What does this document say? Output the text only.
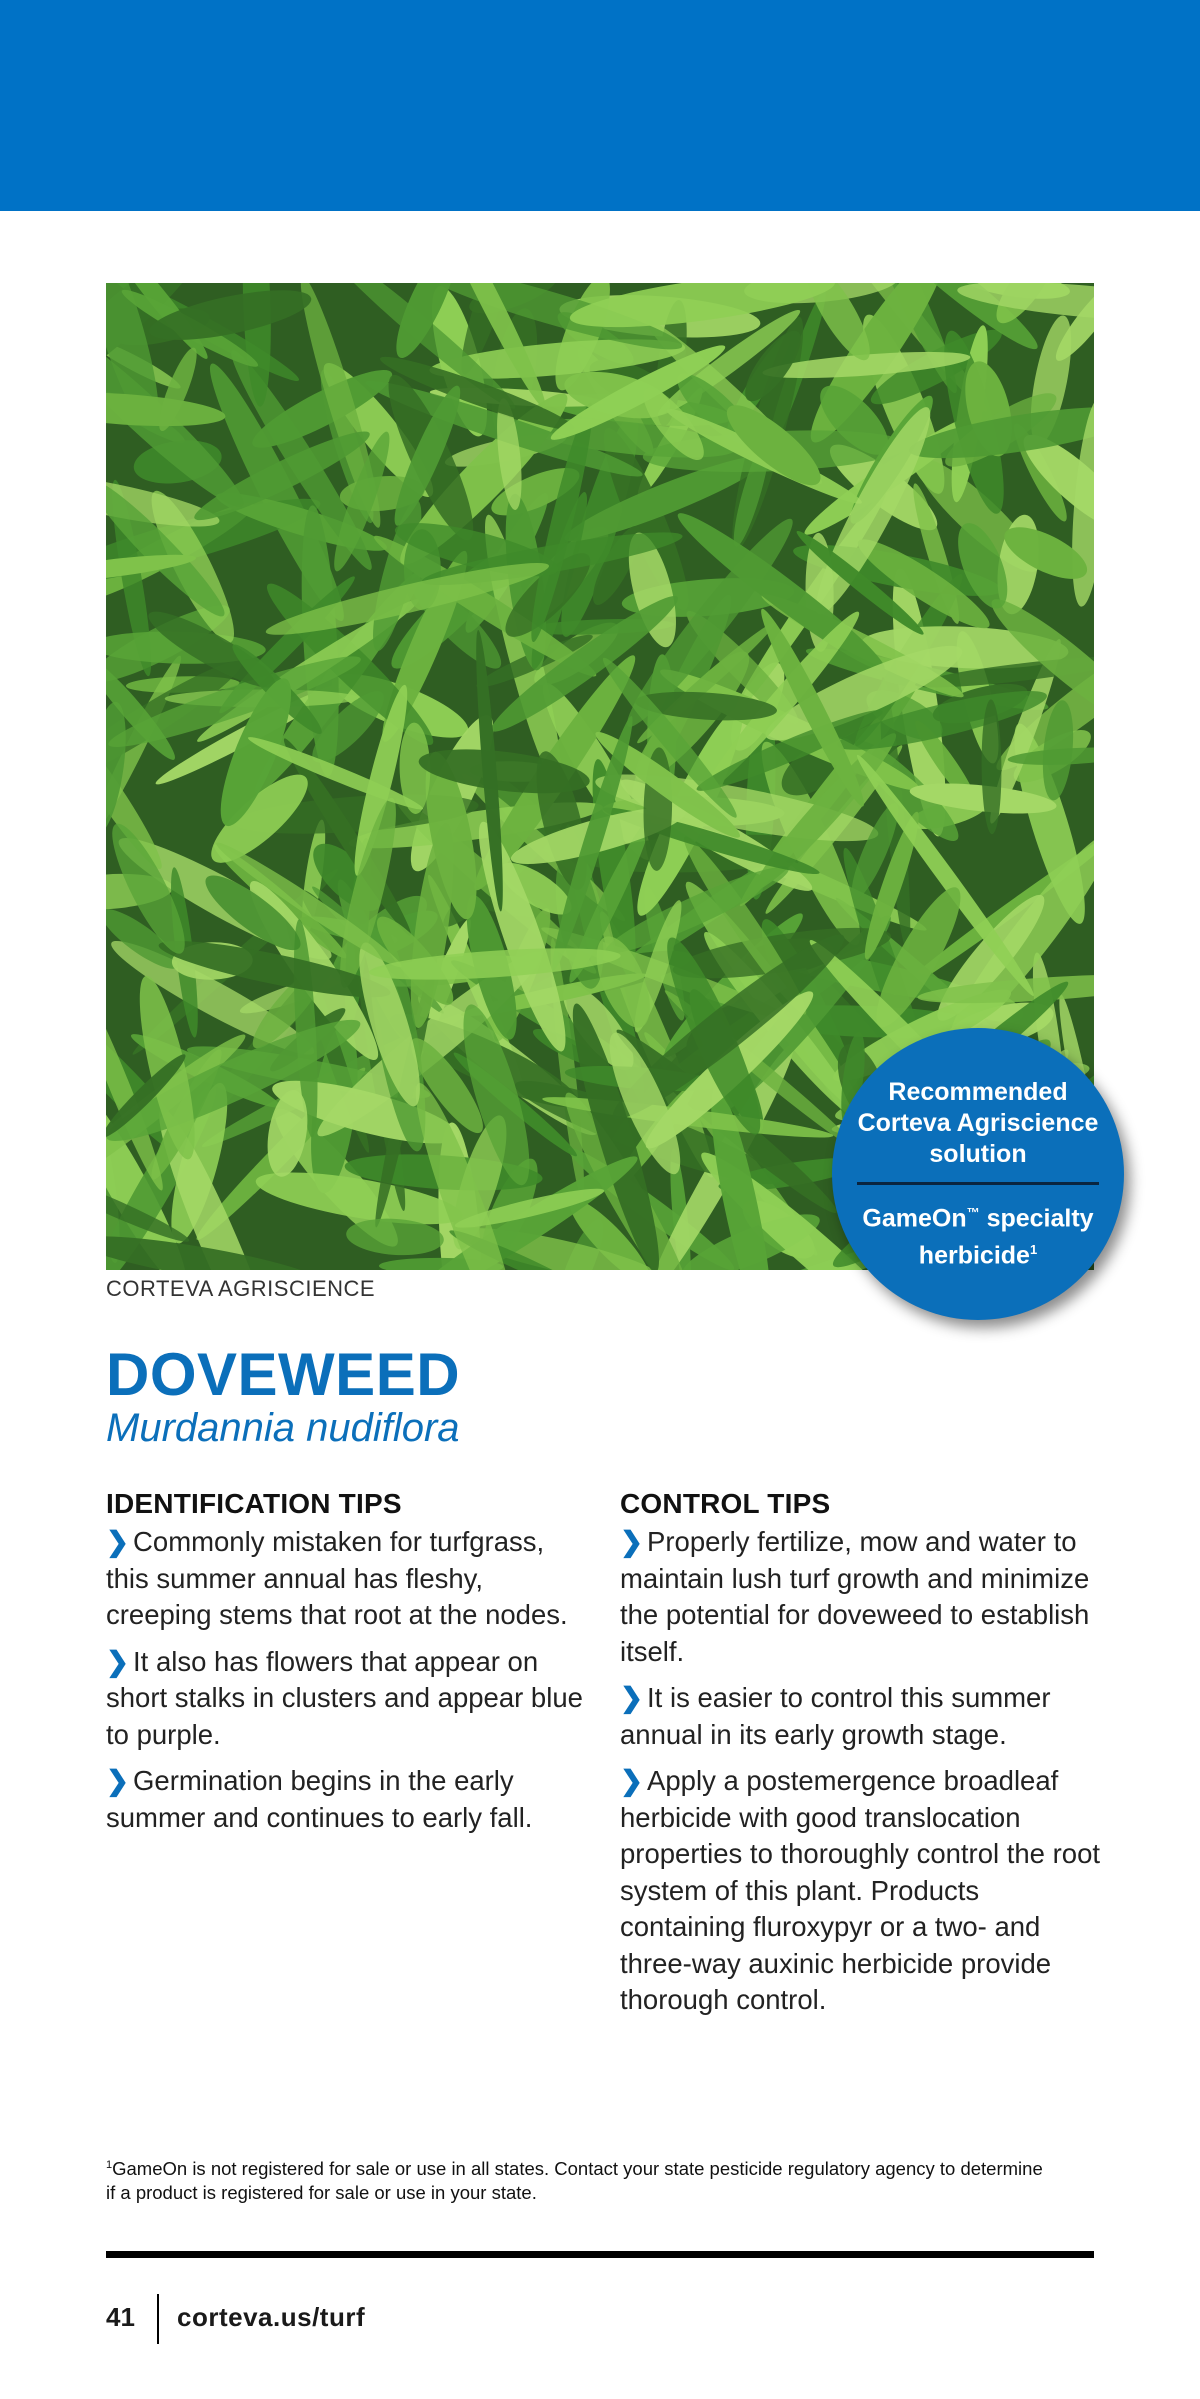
CORTEVA AGRISCIENCE
Recommended Corteva Agriscience solution
GameOn™ specialty herbicide$^1$
DOVEWEED
Murdannia nudiflora
IDENTIFICATION TIPS

❯ Commonly mistaken for turfgrass, this summer annual has fleshy, creeping stems that root at the nodes.

❯ It also has flowers that appear on short stalks in clusters and appear blue to purple.

❯ Germination begins in the early summer and continues to early fall.

CONTROL TIPS

❯ Properly fertilize, mow and water to maintain lush turf growth and minimize the potential for doveweed to establish itself.

❯ It is easier to control this summer annual in its early growth stage.

❯ Apply a postemergence broadleaf herbicide with good translocation properties to thoroughly control the root system of this plant. Products containing fluroxypyr or a two- and three-way auxinic herbicide provide thorough control.

$^1$GameOn is not registered for sale or use in all states. Contact your state pesticide regulatory agency to determine if a product is registered for sale or use in your state.
41 corteva.us/turf
